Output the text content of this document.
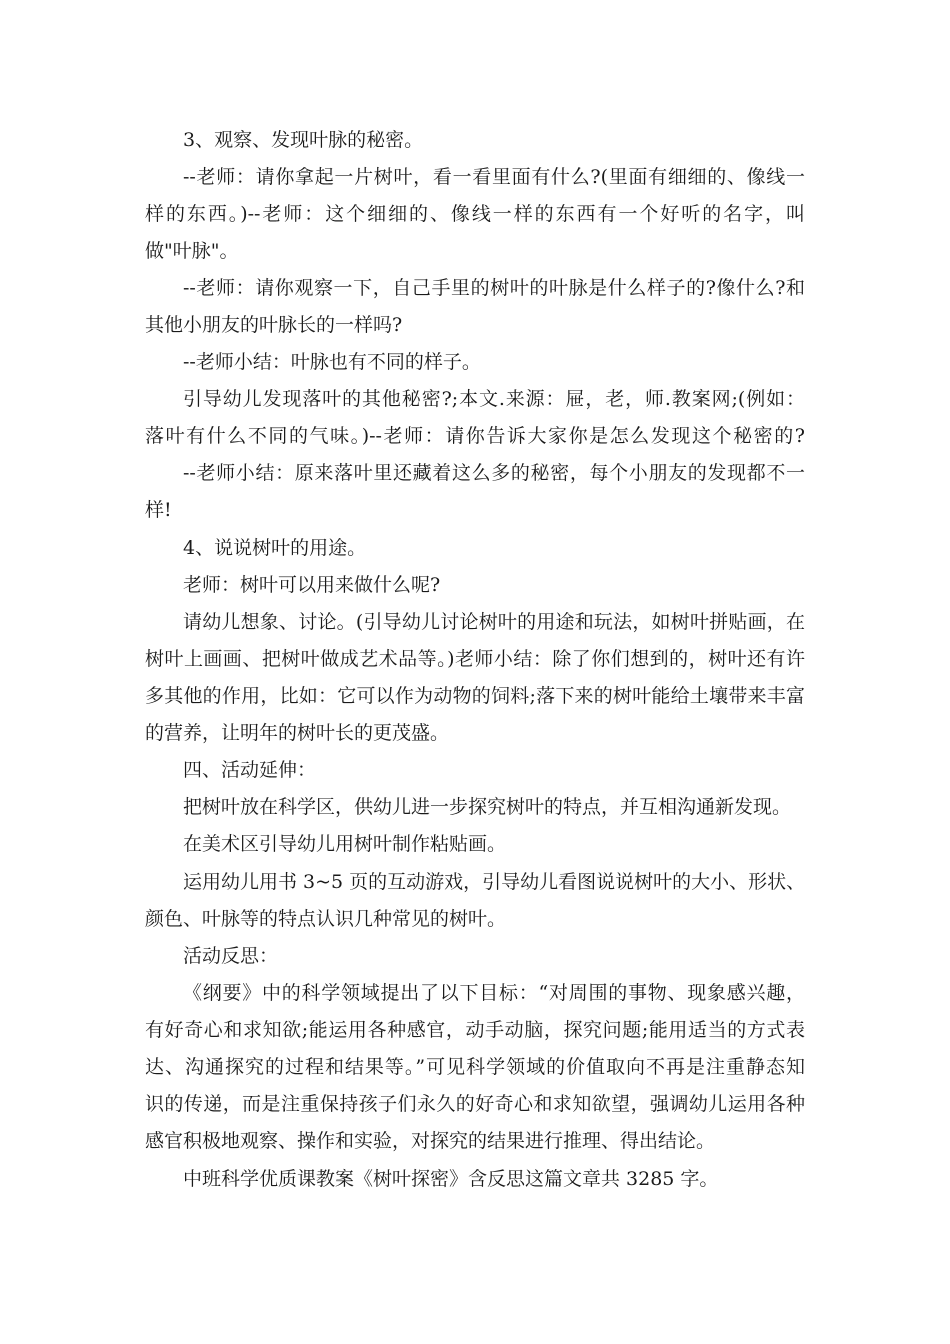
3、观察、发现叶脉的秘密。
--老师：请你拿起一片树叶，看一看里面有什么?(里面有细细的、像线一
样的东西。)--老师：这个细细的、像线一样的东西有一个好听的名字，叫
做"叶脉"。
--老师：请你观察一下，自己手里的树叶的叶脉是什么样子的?像什么?和
其他小朋友的叶脉长的一样吗?
--老师小结：叶脉也有不同的样子。
引导幼儿发现落叶的其他秘密?;本文.来源：屉，老，师.教案网;(例如：
落叶有什么不同的气味。)--老师：请你告诉大家你是怎么发现这个秘密的?
--老师小结：原来落叶里还藏着这么多的秘密，每个小朋友的发现都不一
样!
4、说说树叶的用途。
老师：树叶可以用来做什么呢?
请幼儿想象、讨论。(引导幼儿讨论树叶的用途和玩法，如树叶拼贴画，在
树叶上画画、把树叶做成艺术品等。)老师小结：除了你们想到的，树叶还有许
多其他的作用，比如：它可以作为动物的饲料;落下来的树叶能给土壤带来丰富
的营养，让明年的树叶长的更茂盛。
四、活动延伸：
把树叶放在科学区，供幼儿进一步探究树叶的特点，并互相沟通新发现。
在美术区引导幼儿用树叶制作粘贴画。
运用幼儿用书 3~5 页的互动游戏，引导幼儿看图说说树叶的大小、形状、
颜色、叶脉等的特点认识几种常见的树叶。
活动反思：
《纲要》中的科学领域提出了以下目标：“对周围的事物、现象感兴趣，
有好奇心和求知欲;能运用各种感官，动手动脑，探究问题;能用适当的方式表
达、沟通探究的过程和结果等。”可见科学领域的价值取向不再是注重静态知
识的传递，而是注重保持孩子们永久的好奇心和求知欲望，强调幼儿运用各种
感官积极地观察、操作和实验，对探究的结果进行推理、得出结论。
中班科学优质课教案《树叶探密》含反思这篇文章共 3285 字。
